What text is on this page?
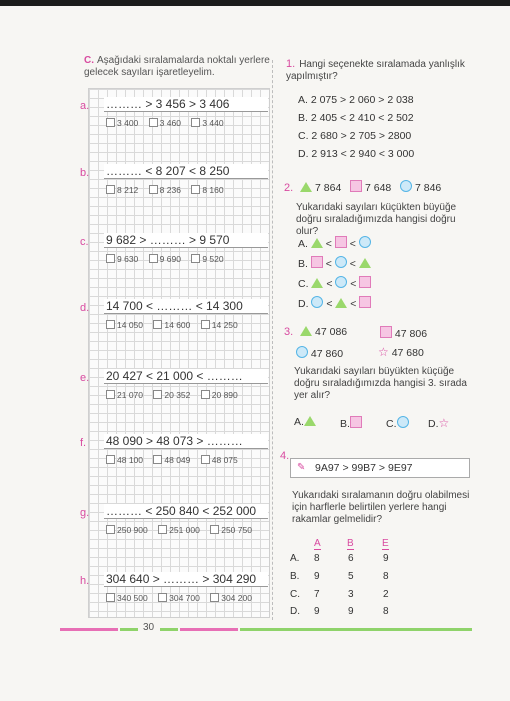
C. Aşağıdaki sıralamalarda noktalı yerlere gelecek sayıları işaretleyelim.
a. ……… > 3 456 > 3 406
3 400	3 460	3 440
b. ……… < 8 207 < 8 250
8 212	8 236	8 160
c. 9 682 > ……… > 9 570
9 630	9 690	9 520
d. 14 700 < ……… < 14 300
14 050	14 600	14 250
e. 20 427 < 21 000 < ………
21 070	20 352	20 890
f. 48 090 > 48 073 > ………
48 100	48 049	48 075
g. ……… < 250 840 < 252 000
250 900	251 000	250 750
h. 304 640 > ……… > 304 290
340 500	304 700	304 200
1. Hangi seçenekte sıralamada yanlışlık yapılmıştır?
A. 2 075 > 2 060 > 2 038
B. 2 405 < 2 410 < 2 502
C. 2 680 > 2 705 > 2800
D. 2 913 < 2 940 < 3 000
2. 7 864 7 648 7 846
Yukarıdaki sayıları küçükten büyüğe doğru sıraladığımızda hangisi doğru olur?
A.  <  <
B.  <  <
C.  <  <
D.  <  <
3. 47 086	47 806
47 860	☆ 47 680
Yukarıdaki sayıları büyükten küçüğe doğru sıraladığımızda hangisi 3. sırada yer alır?
A.	B.	C.	D.☆
4.
✎ 9A97 > 99B7 > 9E97
Yukarıdaki sıralamanın doğru olabilmesi için harflerle belirtilen yerlere hangi rakamlar gelmelidir?
A	B	E
A. 8	6	9
B. 9	5	8
C. 7	3	2
D. 9	9	8
30
